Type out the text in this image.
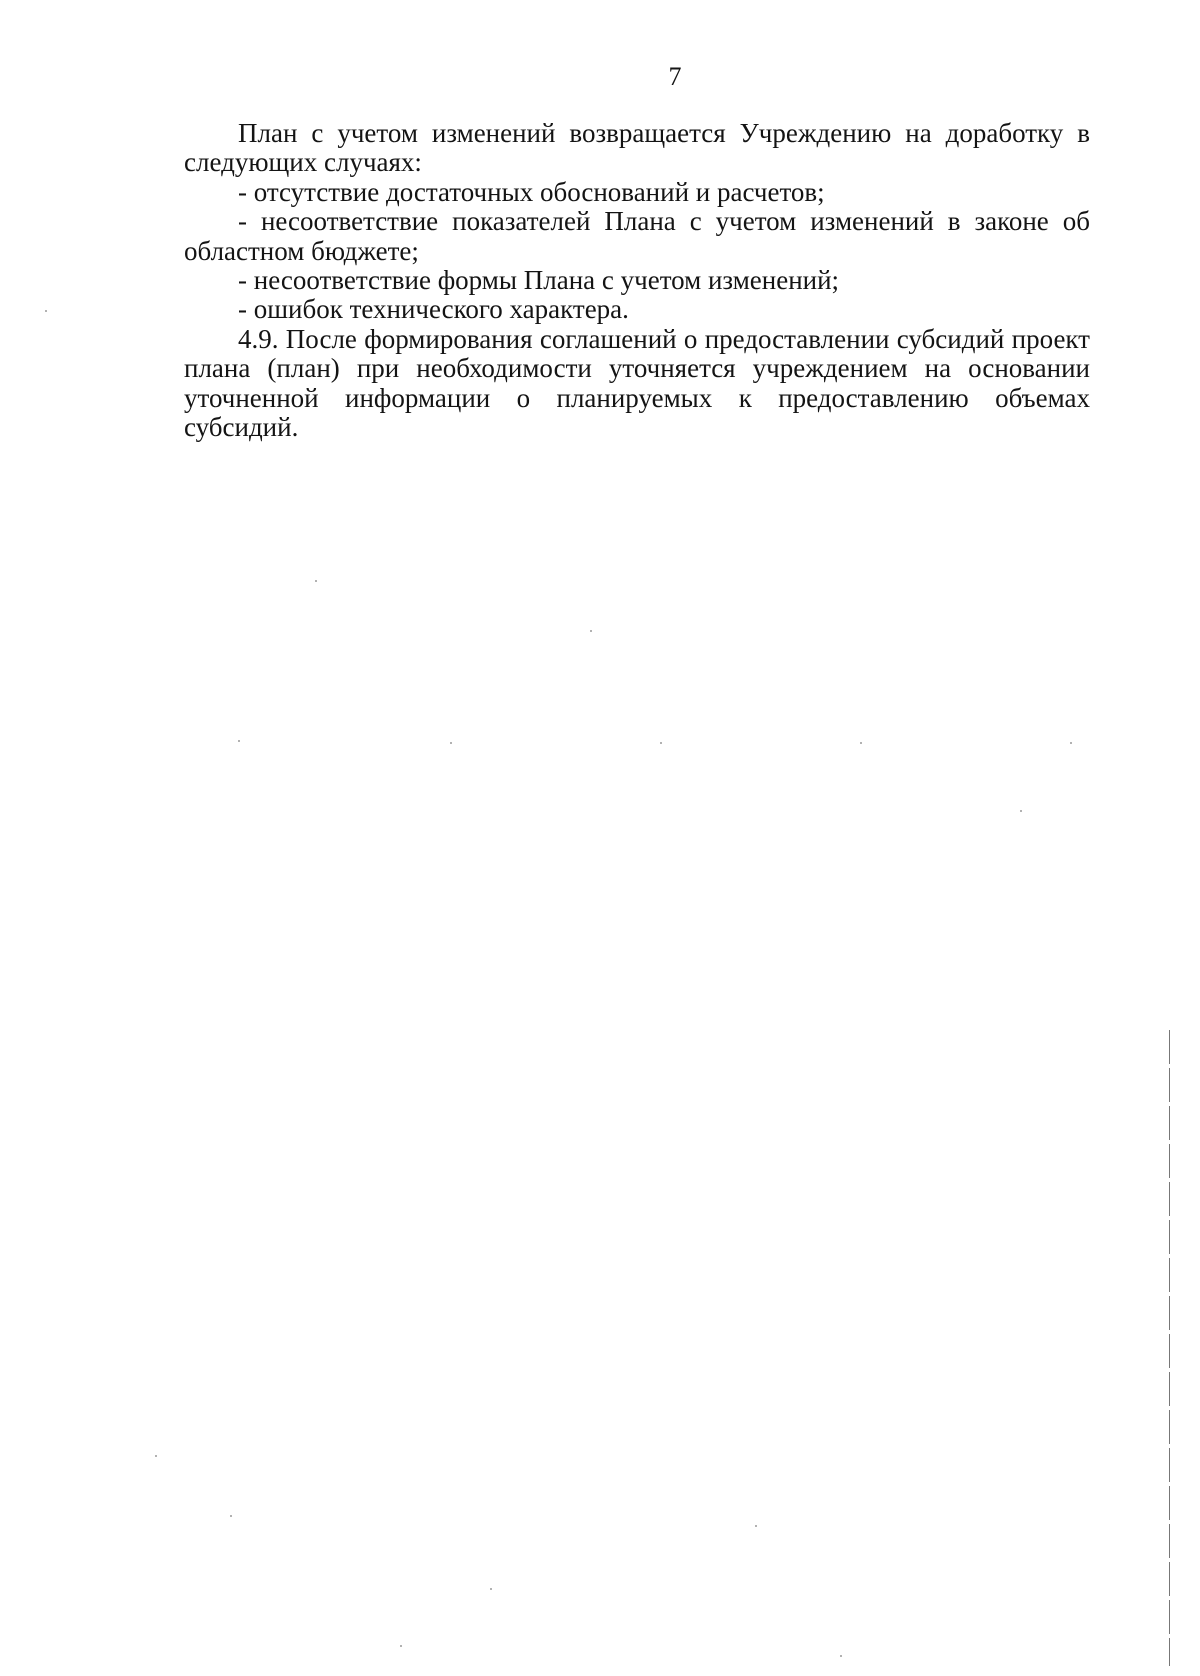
7

План с учетом изменений возвращается Учреждению на доработку в следующих случаях:

- отсутствие достаточных обоснований и расчетов;

- несоответствие показателей Плана с учетом изменений в законе об областном бюджете;

- несоответствие формы Плана с учетом изменений;

- ошибок технического характера.

4.9. После формирования соглашений о предоставлении субсидий проект плана (план) при необходимости уточняется учреждением на основании уточненной информации о планируемых к предоставлению объемах субсидий.
